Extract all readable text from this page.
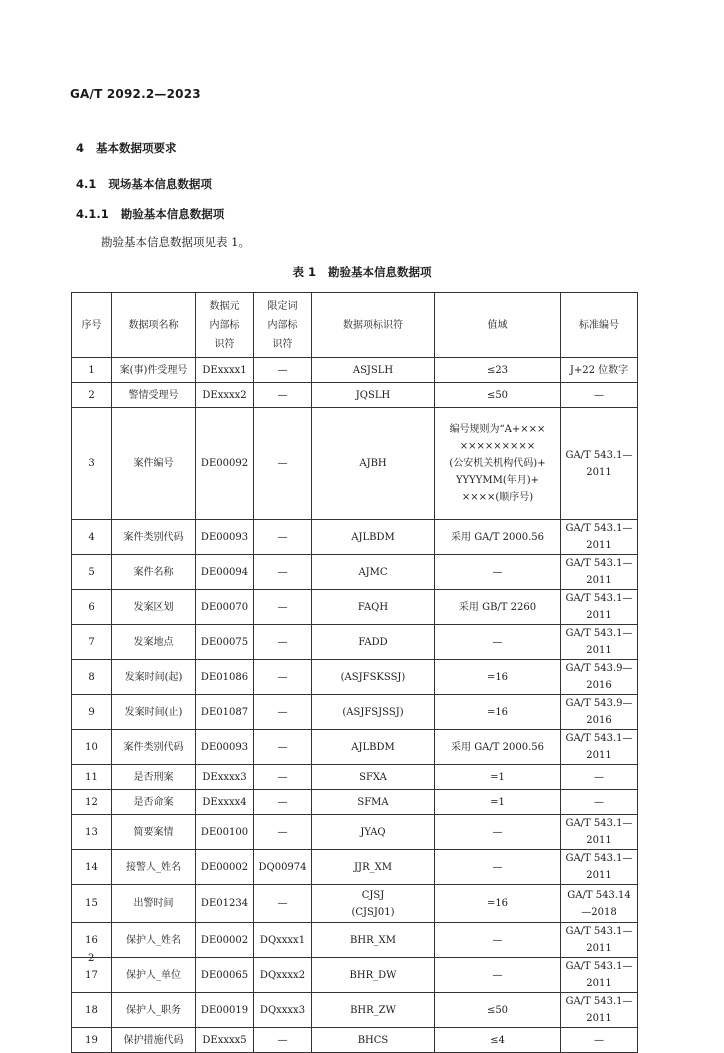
GA/T 2092.2—2023
4   基本数据项要求
4.1   现场基本信息数据项
4.1.1   勘验基本信息数据项
勘验基本信息数据项见表 1。
表 1   勘验基本信息数据项
序号	数据项名称	数据元
内部标
识符	限定词
内部标
识符	数据项标识符	值域	标准编号
1	案(事)件受理号	DExxxx1	—	ASJSLH	≤23	J+22 位数字
2	警情受理号	DExxxx2	—	JQSLH	≤50	—
3	案件编号	DE00092	—	AJBH	编号规则为“A+×××
×××××××××
(公安机关机构代码)+
YYYYMM(年月)+
××××(顺序号)	GA/T 543.1—2011
4	案件类别代码	DE00093	—	AJLBDM	采用 GA/T 2000.56	GA/T 543.1—2011
5	案件名称	DE00094	—	AJMC	—	GA/T 543.1—2011
6	发案区划	DE00070	—	FAQH	采用 GB/T 2260	GA/T 543.1—2011
7	发案地点	DE00075	—	FADD	—	GA/T 543.1—2011
8	发案时间(起)	DE01086	—	(ASJFSKSSJ)	=16	GA/T 543.9—2016
9	发案时间(止)	DE01087	—	(ASJFSJSSJ)	=16	GA/T 543.9—2016
10	案件类别代码	DE00093	—	AJLBDM	采用 GA/T 2000.56	GA/T 543.1—2011
11	是否刑案	DExxxx3	—	SFXA	=1	—
12	是否命案	DExxxx4	—	SFMA	=1	—
13	简要案情	DE00100	—	JYAQ	—	GA/T 543.1—2011
14	接警人_姓名	DE00002	DQ00974	JJR_XM	—	GA/T 543.1—2011
15	出警时间	DE01234	—	CJSJ
(CJSJ01)	=16	GA/T 543.14—2018
16	保护人_姓名	DE00002	DQxxxx1	BHR_XM	—	GA/T 543.1—2011
17	保护人_单位	DE00065	DQxxxx2	BHR_DW	—	GA/T 543.1—2011
18	保护人_职务	DE00019	DQxxxx3	BHR_ZW	≤50	GA/T 543.1—2011
19	保护措施代码	DExxxx5	—	BHCS	≤4	—
2
